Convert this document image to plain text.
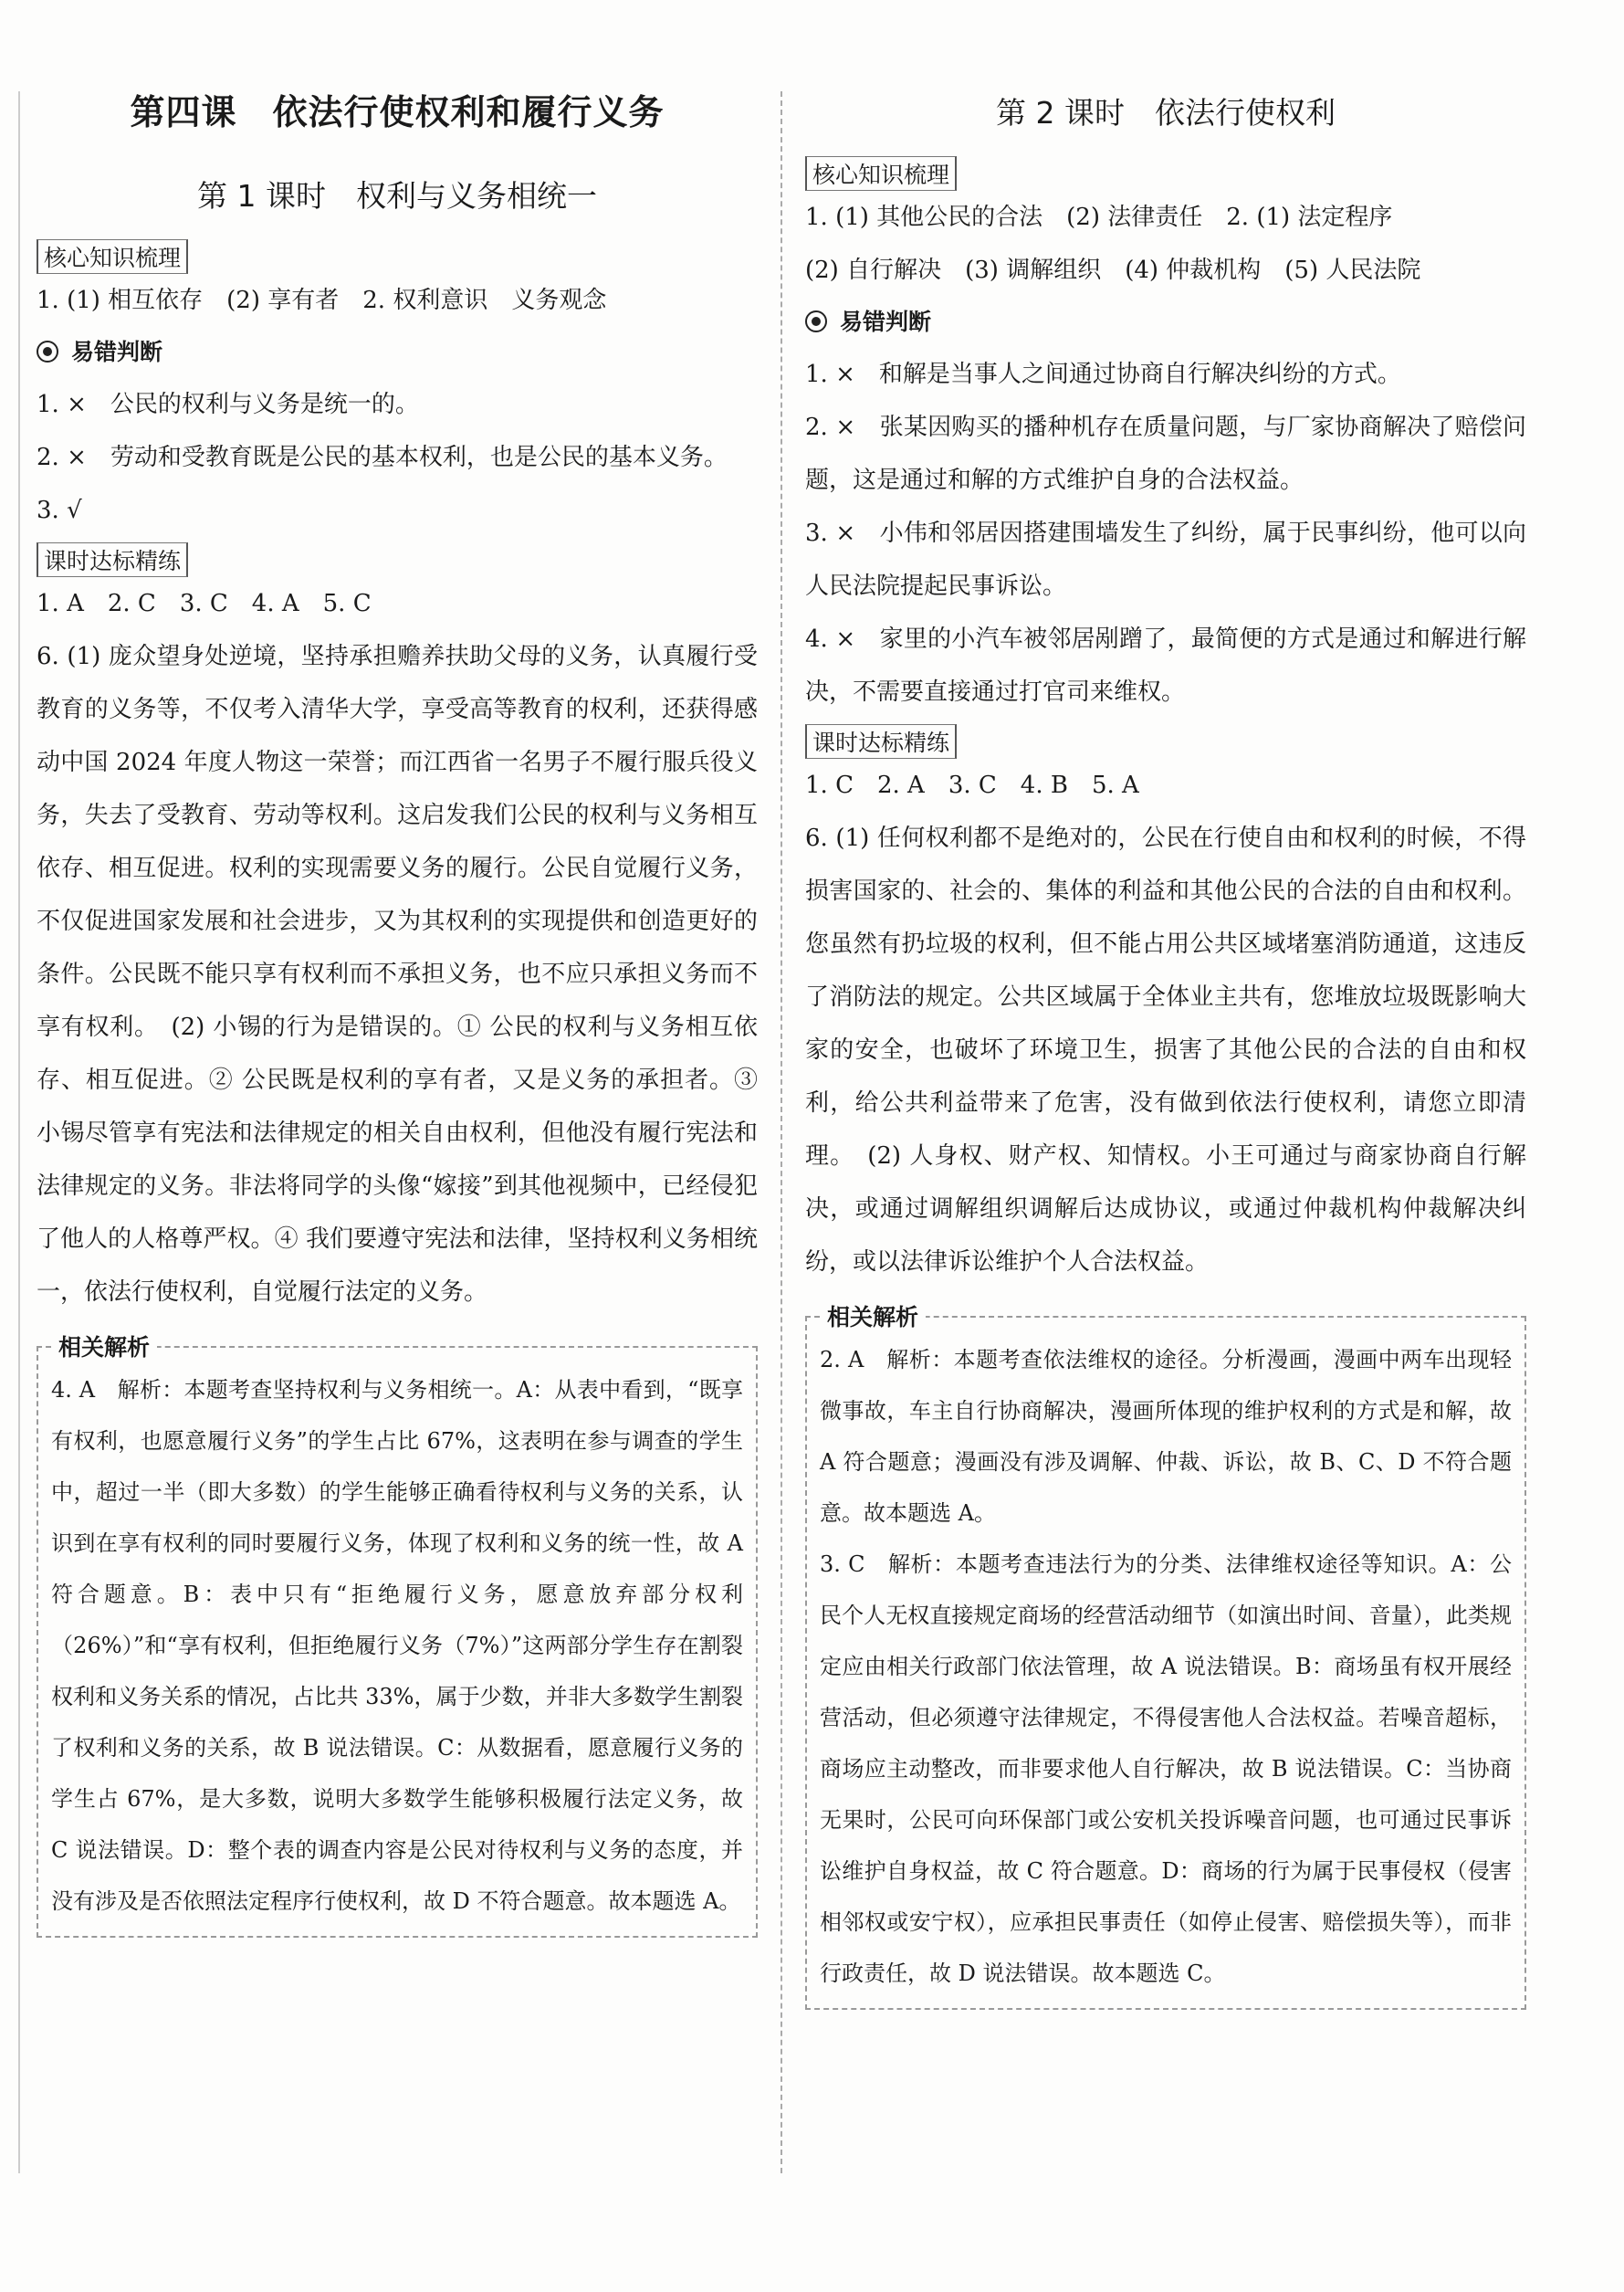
第四课　依法行使权利和履行义务
第 1 课时　权利与义务相统一
核心知识梳理

1. (1) 相互依存　(2) 享有者　2. 权利意识　义务观念

易错判断

1. ×　公民的权利与义务是统一的。

2. ×　劳动和受教育既是公民的基本权利，也是公民的基本义务。

3. √

课时达标精练

1. A　2. C　3. C　4. A　5. C

6. (1) 庞众望身处逆境，坚持承担赡养扶助父母的义务，认真履行受教育的义务等，不仅考入清华大学，享受高等教育的权利，还获得感动中国 2024 年度人物这一荣誉；而江西省一名男子不履行服兵役义务，失去了受教育、劳动等权利。这启发我们公民的权利与义务相互依存、相互促进。权利的实现需要义务的履行。公民自觉履行义务，不仅促进国家发展和社会进步，又为其权利的实现提供和创造更好的条件。公民既不能只享有权利而不承担义务，也不应只承担义务而不享有权利。　(2) 小锡的行为是错误的。① 公民的权利与义务相互依存、相互促进。② 公民既是权利的享有者，又是义务的承担者。③ 小锡尽管享有宪法和法律规定的相关自由权利，但他没有履行宪法和法律规定的义务。非法将同学的头像“嫁接”到其他视频中，已经侵犯了他人的人格尊严权。④ 我们要遵守宪法和法律，坚持权利义务相统一，依法行使权利，自觉履行法定的义务。

相关解析

4. A　解析：本题考查坚持权利与义务相统一。A：从表中看到，“既享有权利，也愿意履行义务”的学生占比 67%，这表明在参与调查的学生中，超过一半（即大多数）的学生能够正确看待权利与义务的关系，认识到在享有权利的同时要履行义务，体现了权利和义务的统一性，故 A 符合题意。B：表中只有“拒绝履行义务，愿意放弃部分权利（26%）”和“享有权利，但拒绝履行义务（7%）”这两部分学生存在割裂权利和义务关系的情况，占比共 33%，属于少数，并非大多数学生割裂了权利和义务的关系，故 B 说法错误。C：从数据看，愿意履行义务的学生占 67%，是大多数，说明大多数学生能够积极履行法定义务，故 C 说法错误。D：整个表的调查内容是公民对待权利与义务的态度，并没有涉及是否依照法定程序行使权利，故 D 不符合题意。故本题选 A。

第 2 课时　依法行使权利
核心知识梳理

1. (1) 其他公民的合法　(2) 法律责任　2. (1) 法定程序

(2) 自行解决　(3) 调解组织　(4) 仲裁机构　(5) 人民法院

易错判断

1. ×　和解是当事人之间通过协商自行解决纠纷的方式。

2. ×　张某因购买的播种机存在质量问题，与厂家协商解决了赔偿问题，这是通过和解的方式维护自身的合法权益。

3. ×　小伟和邻居因搭建围墙发生了纠纷，属于民事纠纷，他可以向人民法院提起民事诉讼。

4. ×　家里的小汽车被邻居剐蹭了，最简便的方式是通过和解进行解决，不需要直接通过打官司来维权。

课时达标精练

1. C　2. A　3. C　4. B　5. A

6. (1) 任何权利都不是绝对的，公民在行使自由和权利的时候，不得损害国家的、社会的、集体的利益和其他公民的合法的自由和权利。您虽然有扔垃圾的权利，但不能占用公共区域堵塞消防通道，这违反了消防法的规定。公共区域属于全体业主共有，您堆放垃圾既影响大家的安全，也破坏了环境卫生，损害了其他公民的合法的自由和权利，给公共利益带来了危害，没有做到依法行使权利，请您立即清理。　(2) 人身权、财产权、知情权。小王可通过与商家协商自行解决，或通过调解组织调解后达成协议，或通过仲裁机构仲裁解决纠纷，或以法律诉讼维护个人合法权益。

相关解析

2. A　解析：本题考查依法维权的途径。分析漫画，漫画中两车出现轻微事故，车主自行协商解决，漫画所体现的维护权利的方式是和解，故 A 符合题意；漫画没有涉及调解、仲裁、诉讼，故 B、C、D 不符合题意。故本题选 A。

3. C　解析：本题考查违法行为的分类、法律维权途径等知识。A：公民个人无权直接规定商场的经营活动细节（如演出时间、音量），此类规定应由相关行政部门依法管理，故 A 说法错误。B：商场虽有权开展经营活动，但必须遵守法律规定，不得侵害他人合法权益。若噪音超标，商场应主动整改，而非要求他人自行解决，故 B 说法错误。C：当协商无果时，公民可向环保部门或公安机关投诉噪音问题，也可通过民事诉讼维护自身权益，故 C 符合题意。D：商场的行为属于民事侵权（侵害相邻权或安宁权），应承担民事责任（如停止侵害、赔偿损失等），而非行政责任，故 D 说法错误。故本题选 C。
